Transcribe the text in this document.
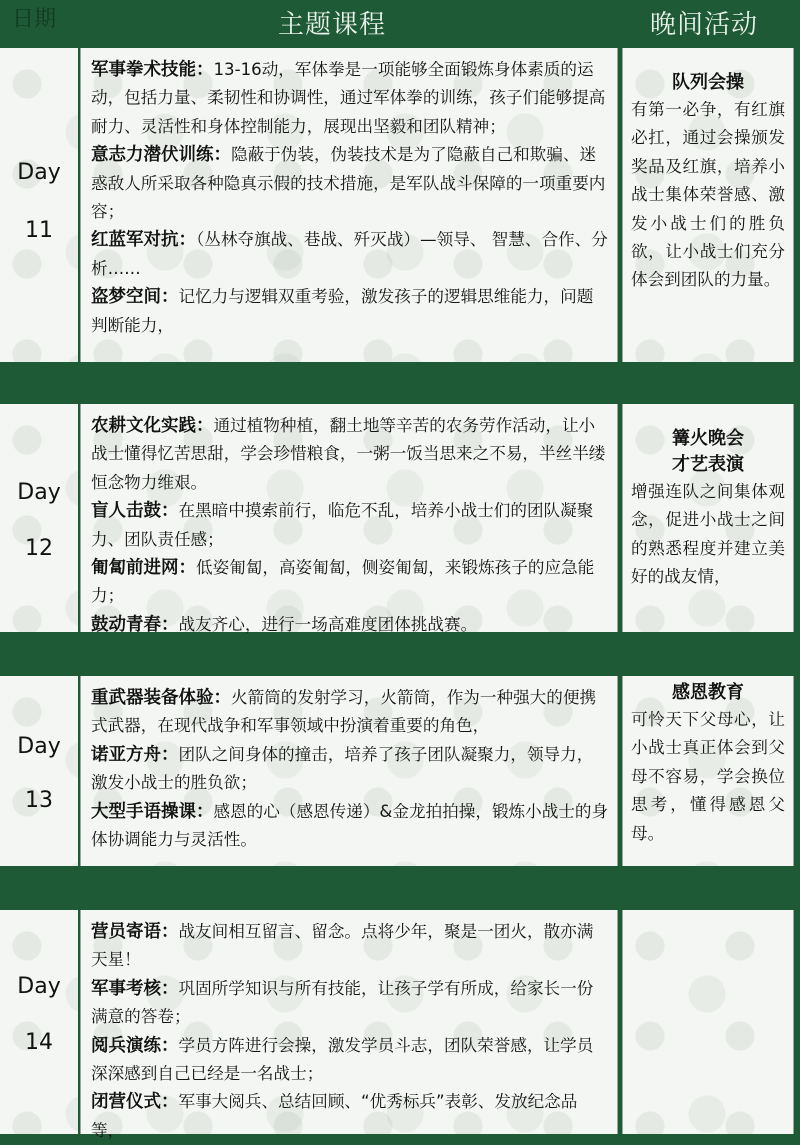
日期	主题课程	晚间活动
Day
11

军事拳术技能：13-16动，军体拳是一项能够全面锻炼身体素质的运动，包括力量、柔韧性和协调性，通过军体拳的训练，孩子们能够提高耐力、灵活性和身体控制能力，展现出坚毅和团队精神；

意志力潜伏训练：隐蔽于伪装，伪装技术是为了隐蔽自己和欺骗、迷惑敌人所采取各种隐真示假的技术措施，是军队战斗保障的一项重要内容；

红蓝军对抗：（丛林夺旗战、巷战、歼灭战）—领导、 智慧、合作、分析……

盗梦空间：记忆力与逻辑双重考验，激发孩子的逻辑思维能力，问题判断能力，

队列会操
有第一必争，有红旗必扛，通过会操颁发奖品及红旗，培养小战士集体荣誉感、激发小战士们的胜负欲，让小战士们充分体会到团队的力量。
Day
12

农耕文化实践：通过植物种植，翻土地等辛苦的农务劳作活动，让小战士懂得忆苦思甜，学会珍惜粮食，一粥一饭当思来之不易，半丝半缕恒念物力维艰。

盲人击鼓：在黑暗中摸索前行，临危不乱，培养小战士们的团队凝聚力、团队责任感；

匍匐前进网：低姿匍匐，高姿匍匐，侧姿匍匐，来锻炼孩子的应急能力；

鼓动青春：战友齐心，进行一场高难度团体挑战赛。

篝火晚会
才艺表演
增强连队之间集体观念，促进小战士之间的熟悉程度并建立美好的战友情，
Day
13

重武器装备体验：火箭筒的发射学习，火箭筒，作为一种强大的便携式武器，在现代战争和军事领域中扮演着重要的角色，

诺亚方舟：团队之间身体的撞击，培养了孩子团队凝聚力，领导力，激发小战士的胜负欲；

大型手语操课：感恩的心（感恩传递）&金龙拍拍操，锻炼小战士的身体协调能力与灵活性。

感恩教育
可怜天下父母心，让小战士真正体会到父母不容易，学会换位思考，懂得感恩父母。
Day
14

营员寄语：战友间相互留言、留念。点将少年，聚是一团火，散亦满天星！

军事考核：巩固所学知识与所有技能，让孩子学有所成，给家长一份满意的答卷；

阅兵演练：学员方阵进行会操，激发学员斗志，团队荣誉感，让学员深深感到自己已经是一名战士；

闭营仪式：军事大阅兵、总结回顾、“优秀标兵”表彰、发放纪念品等，
